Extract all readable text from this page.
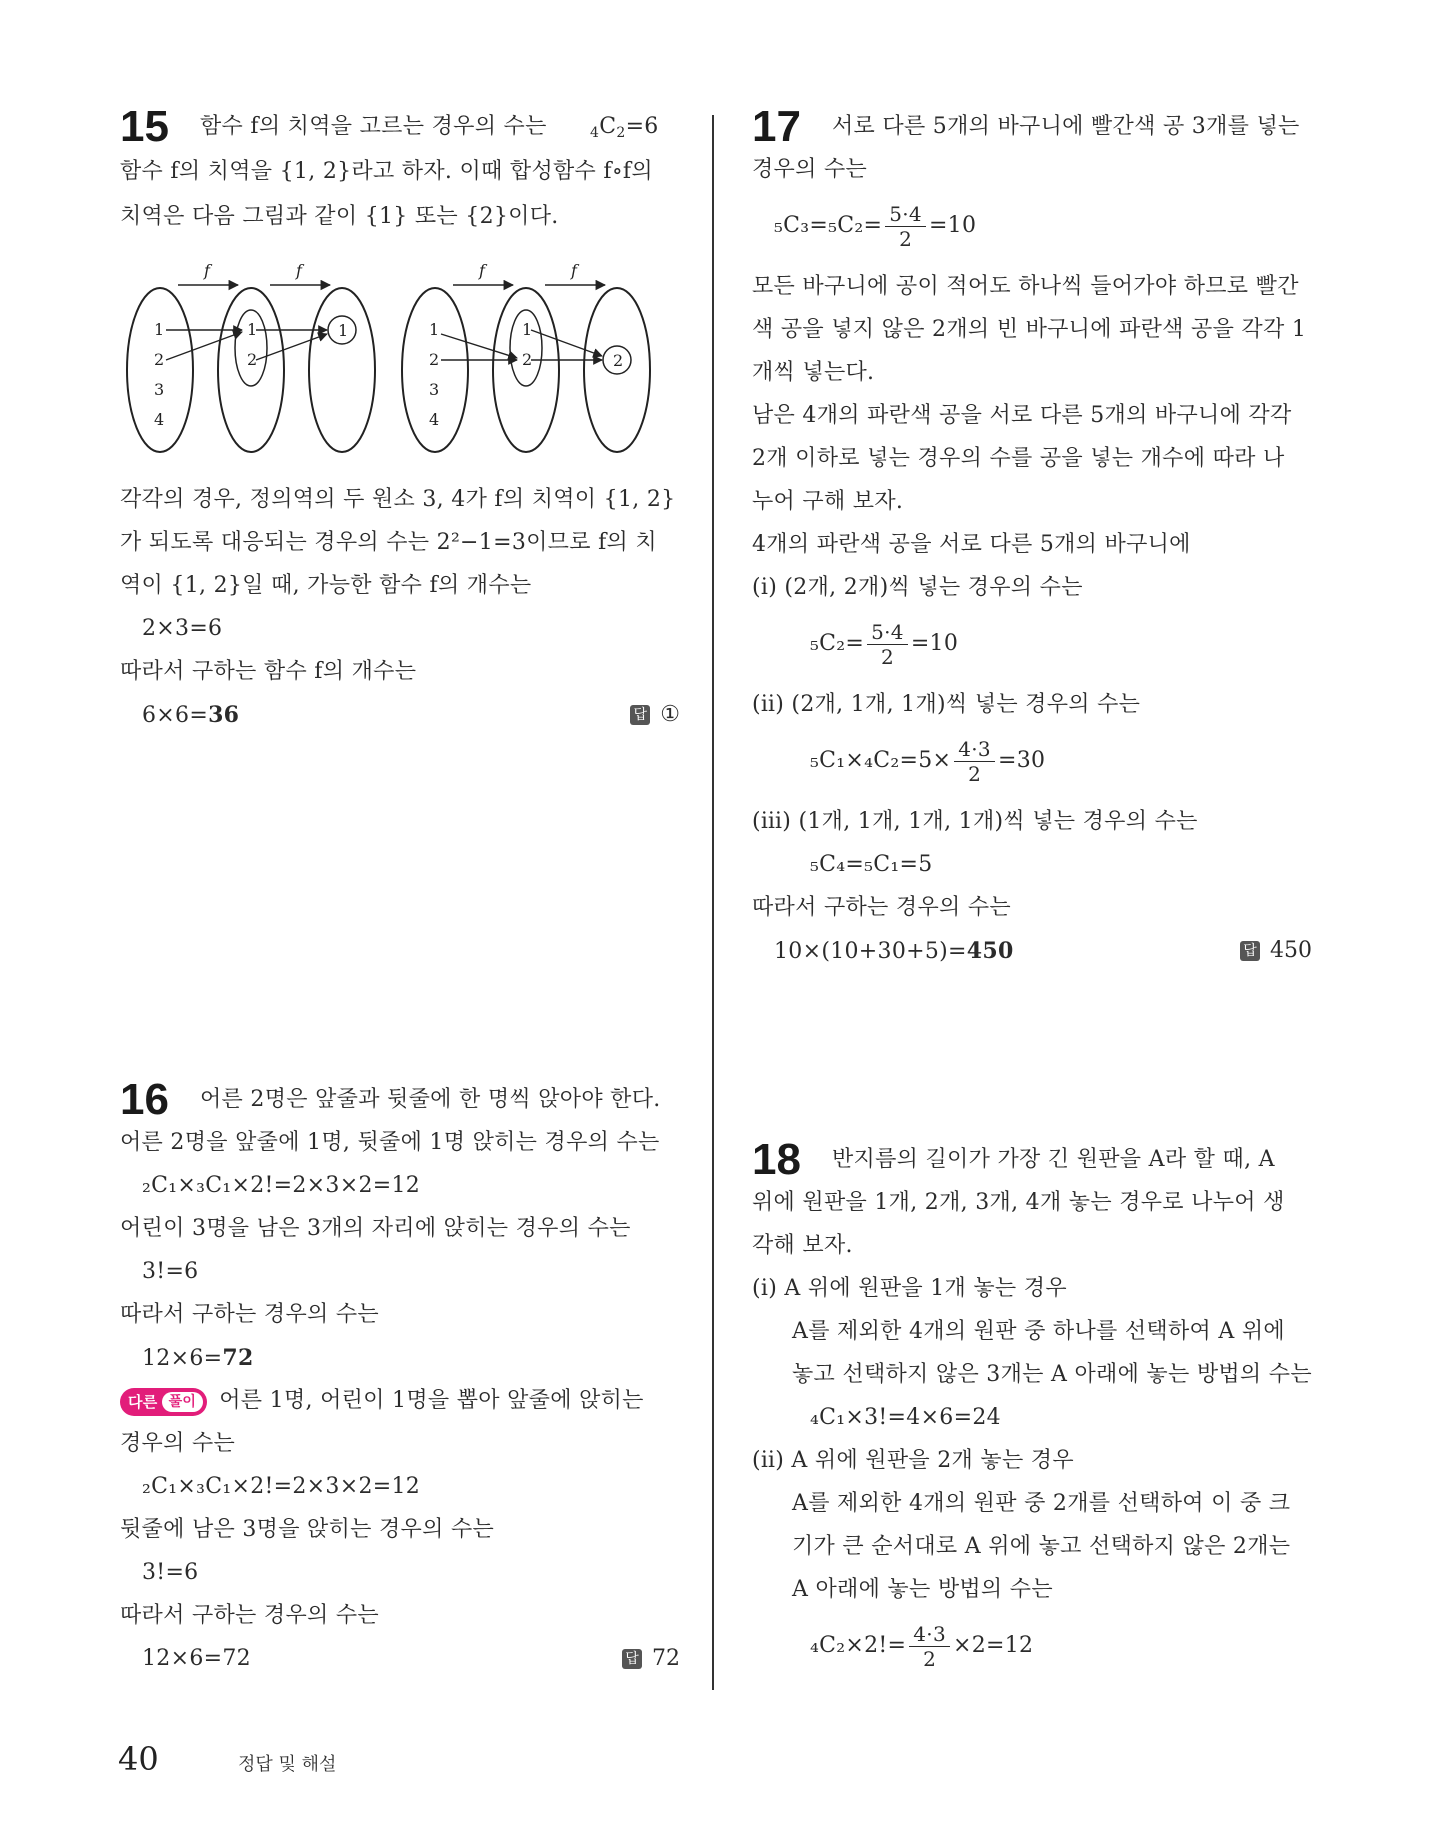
15 함수 f의 치역을 고르는 경우의 수는	$_4C_2=6$
함수 f의 치역을 {1, 2}라고 하자. 이때 합성함수 f∘f의
치역은 다음 그림과 같이 {1} 또는 {2}이다.
f	f
1
2
3
4
1
2
1
f	f
1
2
3
4
1
2	2
각각의 경우, 정의역의 두 원소 3, 4가 f의 치역이 {1, 2}
가 되도록 대응되는 경우의 수는 2²−1=3이므로 f의 치
역이 {1, 2}일 때, 가능한 함수 f의 개수는
2×3=6
따라서 구하는 함수 f의 개수는
6×6=36	답 ①
16 어른 2명은 앞줄과 뒷줄에 한 명씩 앉아야 한다.
어른 2명을 앞줄에 1명, 뒷줄에 1명 앉히는 경우의 수는
₂C₁×₃C₁×2!=2×3×2=12
어린이 3명을 남은 3개의 자리에 앉히는 경우의 수는
3!=6
따라서 구하는 경우의 수는
12×6=72
다른 풀이	어른 1명, 어린이 1명을 뽑아 앞줄에 앉히는
경우의 수는
₂C₁×₃C₁×2!=2×3×2=12
뒷줄에 남은 3명을 앉히는 경우의 수는
3!=6
따라서 구하는 경우의 수는
12×6=72	답 72
17 서로 다른 5개의 바구니에 빨간색 공 3개를 넣는
경우의 수는
$_5C_3=_5C_2= \frac{5\cdot 4}{2} =10$
모든 바구니에 공이 적어도 하나씩 들어가야 하므로 빨간
색 공을 넣지 않은 2개의 빈 바구니에 파란색 공을 각각 1
개씩 넣는다.
남은 4개의 파란색 공을 서로 다른 5개의 바구니에 각각
2개 이하로 넣는 경우의 수를 공을 넣는 개수에 따라 나
누어 구해 보자.
4개의 파란색 공을 서로 다른 5개의 바구니에
(ⅰ) (2개, 2개)씩 넣는 경우의 수는
$_5C_2= \frac{5\cdot 4}{2} =10$
(ⅱ) (2개, 1개, 1개)씩 넣는 경우의 수는
$_5C_1\times_4C_2=5\times \frac{4\cdot 3}{2} =30$
(ⅲ) (1개, 1개, 1개, 1개)씩 넣는 경우의 수는
₅C₄=₅C₁=5
따라서 구하는 경우의 수는
10×(10+30+5)=450	답 450
18 반지름의 길이가 가장 긴 원판을 A라 할 때, A
위에 원판을 1개, 2개, 3개, 4개 놓는 경우로 나누어 생
각해 보자.
(ⅰ) A 위에 원판을 1개 놓는 경우
A를 제외한 4개의 원판 중 하나를 선택하여 A 위에
놓고 선택하지 않은 3개는 A 아래에 놓는 방법의 수는
₄C₁×3!=4×6=24
(ⅱ) A 위에 원판을 2개 놓는 경우
A를 제외한 4개의 원판 중 2개를 선택하여 이 중 크
기가 큰 순서대로 A 위에 놓고 선택하지 않은 2개는
A 아래에 놓는 방법의 수는
$_4C_2\times 2!= \frac{4\cdot 3}{2} \times 2=12$
40	정답 및 해설
